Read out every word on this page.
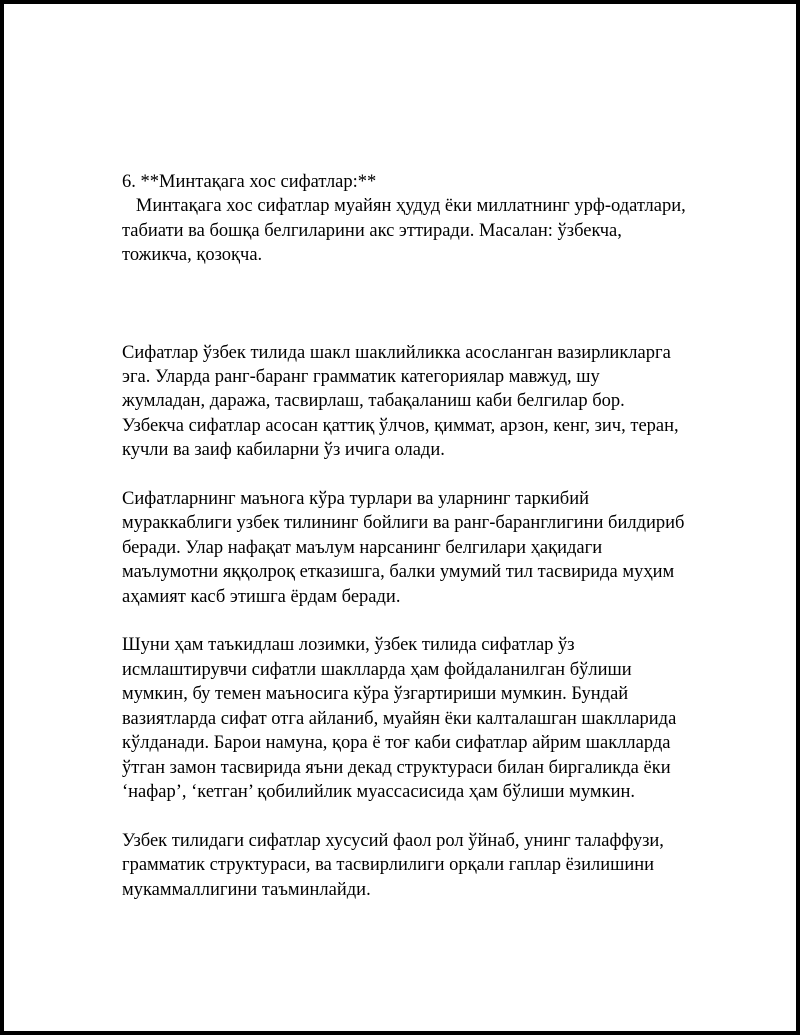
6. **Минтақага хос сифатлар:**
Минтақага хос сифатлар муайян ҳудуд ёки миллатнинг урф-одатлари,
табиати ва бошқа белгиларини акс эттиради. Масалан: ўзбекча,
тожикча, қозоқча.

Сифатлар ўзбек тилида шакл шаклийликка асосланган вазирликларга
эга. Уларда ранг-баранг грамматик категориялар мавжуд, шу
жумладан, даража, тасвирлаш, табақаланиш каби белгилар бор.
Узбекча сифатлар асосан қаттиқ ўлчов, қиммат, арзон, кенг, зич, теран,
кучли ва заиф кабиларни ўз ичига олади.

Сифатларнинг маънога кўра турлари ва уларнинг таркибий
мураккаблиги узбек тилининг бойлиги ва ранг-баранглигини билдириб
беради. Улар нафақат маълум нарсанинг белгилари ҳақидаги
маълумотни яққолроқ етказишга, балки умумий тил тасвирида муҳим
аҳамият касб этишга ёрдам беради.

Шуни ҳам таъкидлаш лозимки, ўзбек тилида сифатлар ўз
исмлаштирувчи сифатли шаклларда ҳам фойдаланилган бўлиши
мумкин, бу темен маъносига кўра ўзгартириши мумкин. Бундай
вазиятларда сифат отга айланиб, муайян ёки калталашган шаклларида
кўлданади. Барои намуна, қора ё тоғ каби сифатлар айрим шаклларда
ўтган замон тасвирида яъни декад структураси билан биргаликда ёки
‘нафар’, ‘кетган’ қобилийлик муассасисида ҳам бўлиши мумкин.

Узбек тилидаги сифатлар хусусий фаол рол ўйнаб, унинг талаффузи,
грамматик структураси, ва тасвирлилиги орқали гаплар ёзилишини
мукаммаллигини таъминлайди.
